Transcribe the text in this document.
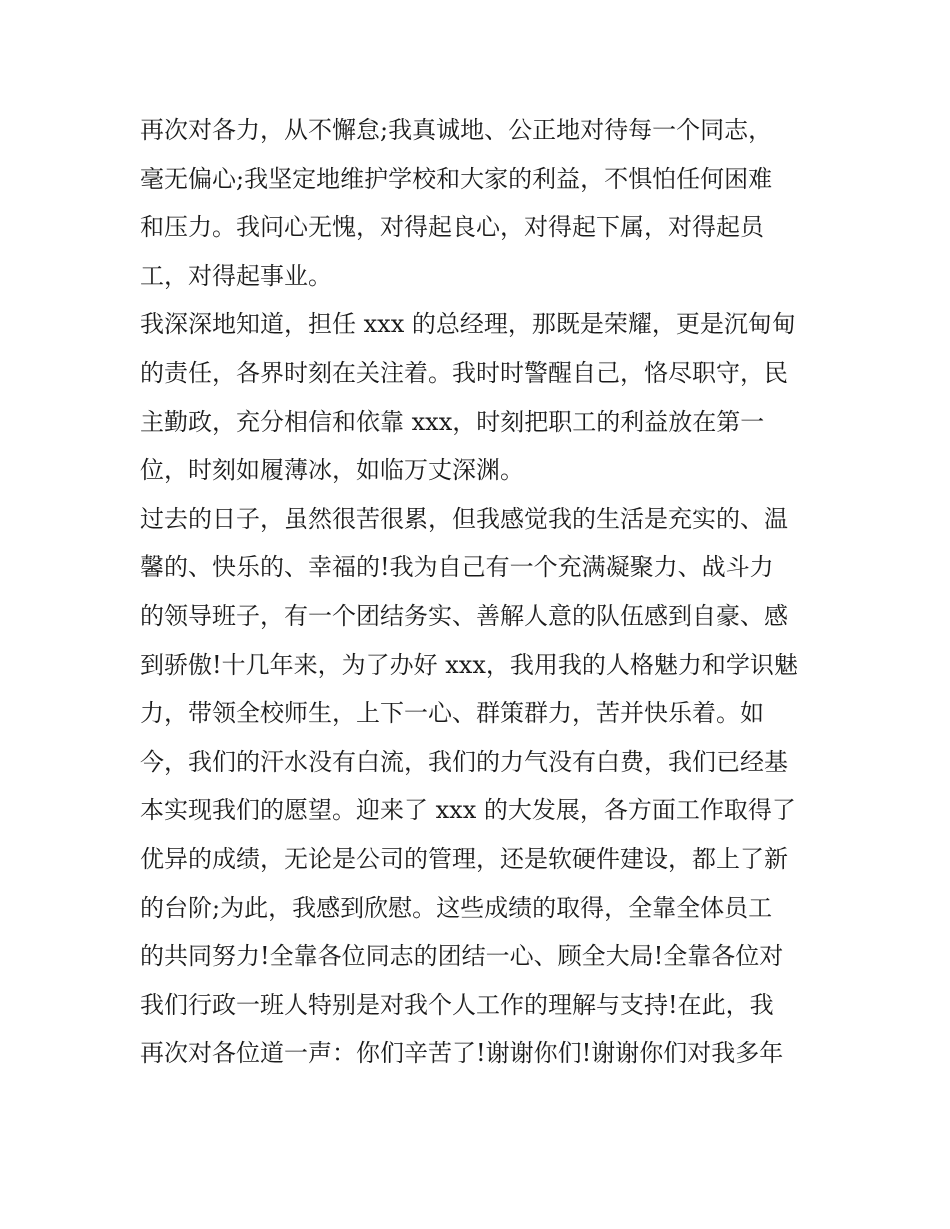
再次对各力，从不懈怠;我真诚地、公正地对待每一个同志，
毫无偏心;我坚定地维护学校和大家的利益，不惧怕任何困难
和压力。我问心无愧，对得起良心，对得起下属，对得起员
工，对得起事业。
我深深地知道，担任 xxx 的总经理，那既是荣耀，更是沉甸甸
的责任，各界时刻在关注着。我时时警醒自己，恪尽职守，民
主勤政，充分相信和依靠 xxx，时刻把职工的利益放在第一
位，时刻如履薄冰，如临万丈深渊。
过去的日子，虽然很苦很累，但我感觉我的生活是充实的、温
馨的、快乐的、幸福的!我为自己有一个充满凝聚力、战斗力
的领导班子，有一个团结务实、善解人意的队伍感到自豪、感
到骄傲!十几年来，为了办好 xxx，我用我的人格魅力和学识魅
力，带领全校师生，上下一心、群策群力，苦并快乐着。如
今，我们的汗水没有白流，我们的力气没有白费，我们已经基
本实现我们的愿望。迎来了 xxx 的大发展，各方面工作取得了
优异的成绩，无论是公司的管理，还是软硬件建设，都上了新
的台阶;为此，我感到欣慰。这些成绩的取得，全靠全体员工
的共同努力!全靠各位同志的团结一心、顾全大局!全靠各位对
我们行政一班人特别是对我个人工作的理解与支持!在此，我
再次对各位道一声：你们辛苦了!谢谢你们!谢谢你们对我多年
